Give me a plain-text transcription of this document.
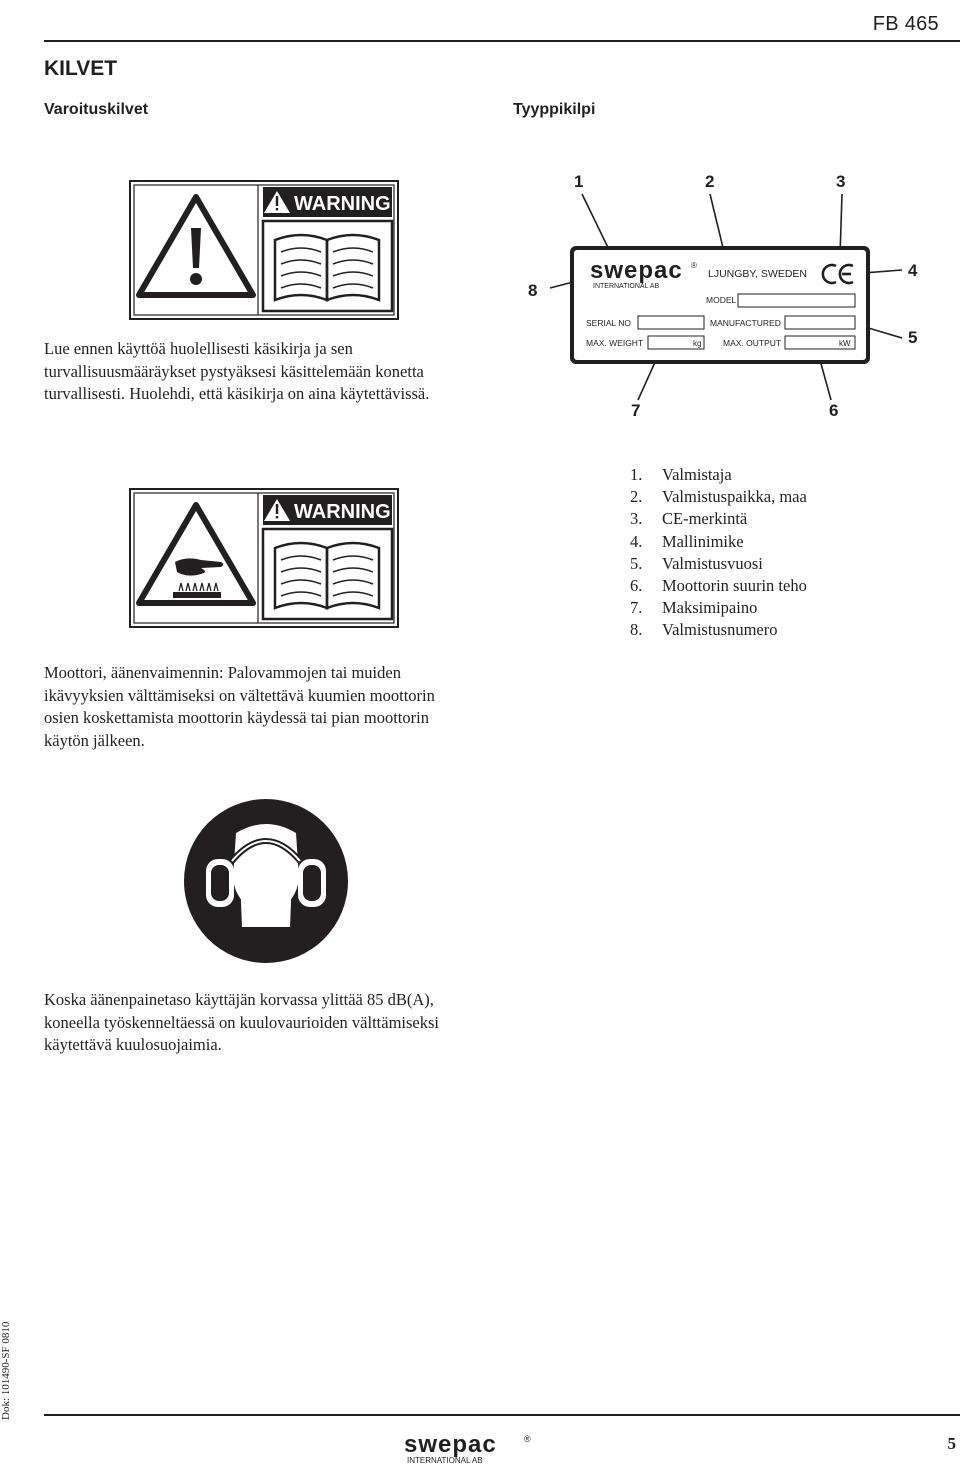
FB 465
KILVET
Varoituskilvet	Tyyppikilpi
WARNING
Lue ennen käyttöä huolellisesti käsikirja ja sen
turvallisuusmääräykset pystyäksesi käsittelemään konetta
turvallisesti. Huolehdi, että käsikirja on aina käytettävissä.
1	2	3
4
5
6
7
8
swepac ®
INTERNATIONAL AB
LJUNGBY, SWEDEN
MODEL
SERIAL NO	MANUFACTURED
MAX. WEIGHT	kg	MAX. OUTPUT	kW
WARNING
1. Valmistaja
2. Valmistuspaikka, maa
3. CE-merkintä
4. Mallinimike
5. Valmistusvuosi
6. Moottorin suurin teho
7. Maksimipaino
8. Valmistusnumero
Moottori, äänenvaimennin: Palovammojen tai muiden
ikävyyksien välttämiseksi on vältettävä kuumien moottorin
osien koskettamista moottorin käydessä tai pian moottorin
käytön jälkeen.
Koska äänenpainetaso käyttäjän korvassa ylittää 85 dB(A),
koneella työskenneltäessä on kuulovaurioiden välttämiseksi
käytettävä kuulosuojaimia.
Dok: 101490-SF 0810
swepac	®
INTERNATIONAL AB
5
